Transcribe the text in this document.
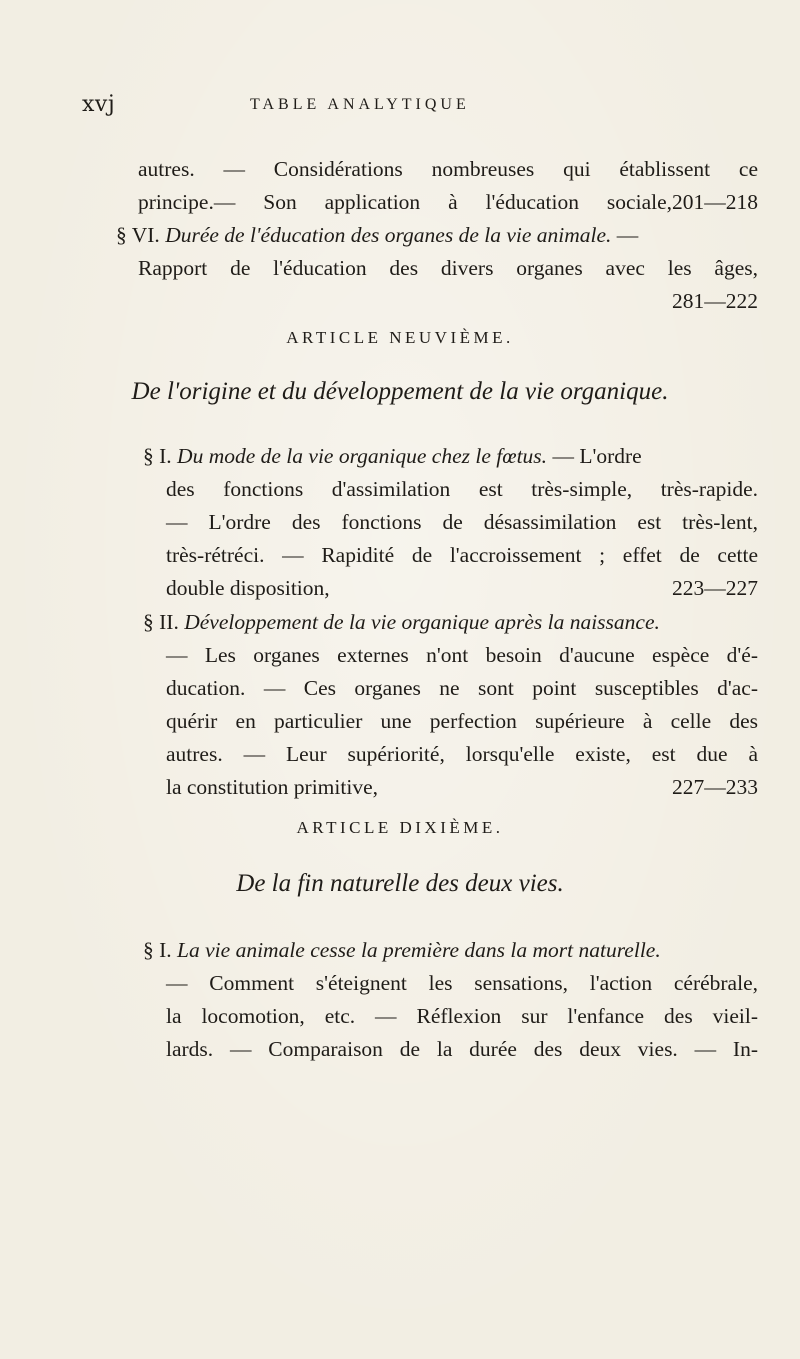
xvj	TABLE ANALYTIQUE
autres. — Considérations nombreuses qui établissent ce
principe.— Son application à l'éducation sociale,201—218
§ VI. Durée de l'éducation des organes de la vie animale. —
Rapport de l'éducation des divers organes avec les âges,
281—222
ARTICLE NEUVIÈME.
De l'origine et du développement de la vie organique.
§ I. Du mode de la vie organique chez le fœtus. — L'ordre
des fonctions d'assimilation est très-simple, très-rapide.
— L'ordre des fonctions de désassimilation est très-lent,
très-rétréci. — Rapidité de l'accroissement ; effet de cette
double disposition,	223—227
§ II. Développement de la vie organique après la naissance.
— Les organes externes n'ont besoin d'aucune espèce d'é-
ducation. — Ces organes ne sont point susceptibles d'ac-
quérir en particulier une perfection supérieure à celle des
autres. — Leur supériorité, lorsqu'elle existe, est due à
la constitution primitive,	227—233
ARTICLE DIXIÈME.
De la fin naturelle des deux vies.
§ I. La vie animale cesse la première dans la mort naturelle.
— Comment s'éteignent les sensations, l'action cérébrale,
la locomotion, etc. — Réflexion sur l'enfance des vieil-
lards. — Comparaison de la durée des deux vies. — In-
